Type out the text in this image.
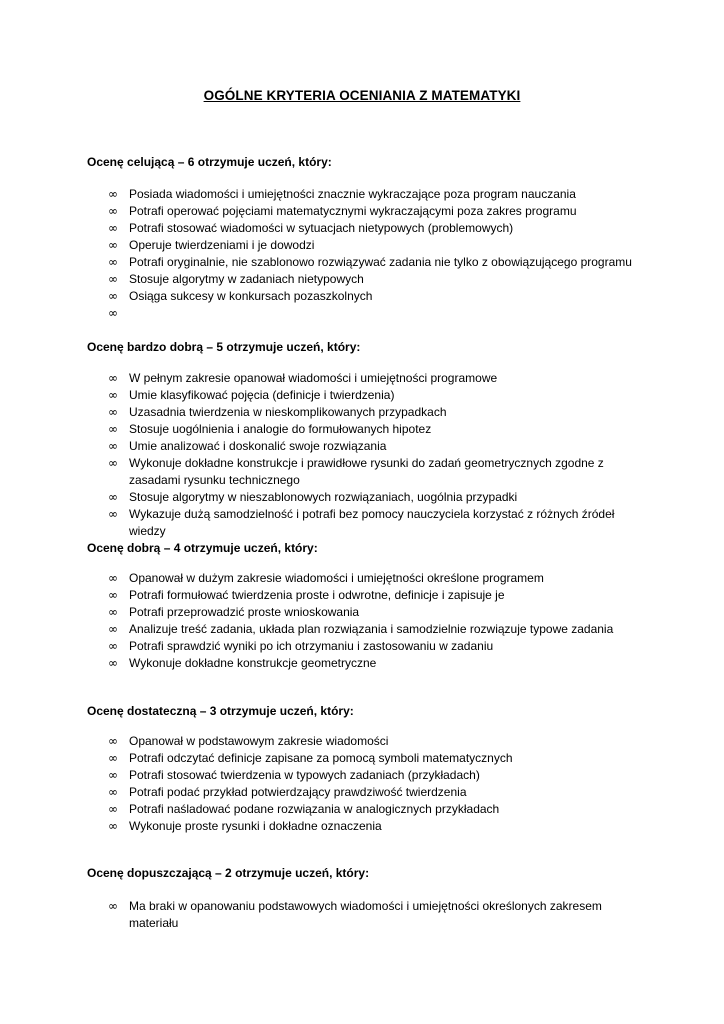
OGÓLNE KRYTERIA OCENIANIA Z MATEMATYKI
Ocenę celującą – 6 otrzymuje uczeń, który:
∞ Posiada wiadomości i umiejętności znacznie wykraczające poza program nauczania
∞ Potrafi operować pojęciami matematycznymi wykraczającymi poza zakres programu
∞ Potrafi stosować wiadomości w sytuacjach nietypowych (problemowych)
∞ Operuje twierdzeniami i je dowodzi
∞ Potrafi oryginalnie, nie szablonowo rozwiązywać zadania nie tylko z obowiązującego programu
∞ Stosuje algorytmy w zadaniach nietypowych
∞ Osiąga sukcesy w konkursach pozaszkolnych
∞

Ocenę bardzo dobrą – 5 otrzymuje uczeń, który:
∞ W pełnym zakresie opanował wiadomości i umiejętności programowe
∞ Umie klasyfikować pojęcia (definicje i twierdzenia)
∞ Uzasadnia twierdzenia w nieskomplikowanych przypadkach
∞ Stosuje uogólnienia i analogie do formułowanych hipotez
∞ Umie analizować i doskonalić swoje rozwiązania
∞ Wykonuje dokładne konstrukcje i prawidłowe rysunki do zadań geometrycznych zgodne z zasadami rysunku technicznego
∞ Stosuje algorytmy w nieszablonowych rozwiązaniach, uogólnia przypadki
∞ Wykazuje dużą samodzielność i potrafi bez pomocy nauczyciela korzystać z różnych źródeł wiedzy
Ocenę dobrą – 4 otrzymuje uczeń, który:
∞ Opanował w dużym zakresie wiadomości i umiejętności określone programem
∞ Potrafi formułować twierdzenia proste i odwrotne, definicje i zapisuje je
∞ Potrafi przeprowadzić proste wnioskowania
∞ Analizuje treść zadania, układa plan rozwiązania i samodzielnie rozwiązuje typowe zadania
∞ Potrafi sprawdzić wyniki po ich otrzymaniu i zastosowaniu w zadaniu
∞ Wykonuje dokładne konstrukcje geometryczne
Ocenę dostateczną – 3 otrzymuje uczeń, który:
∞ Opanował w podstawowym zakresie wiadomości
∞ Potrafi odczytać definicje zapisane za pomocą symboli matematycznych
∞ Potrafi stosować twierdzenia w typowych zadaniach (przykładach)
∞ Potrafi podać przykład potwierdzający prawdziwość twierdzenia
∞ Potrafi naśladować podane rozwiązania w analogicznych przykładach
∞ Wykonuje proste rysunki i dokładne oznaczenia
Ocenę dopuszczającą – 2 otrzymuje uczeń, który:
∞ Ma braki w opanowaniu podstawowych wiadomości i umiejętności określonych zakresem materiału
